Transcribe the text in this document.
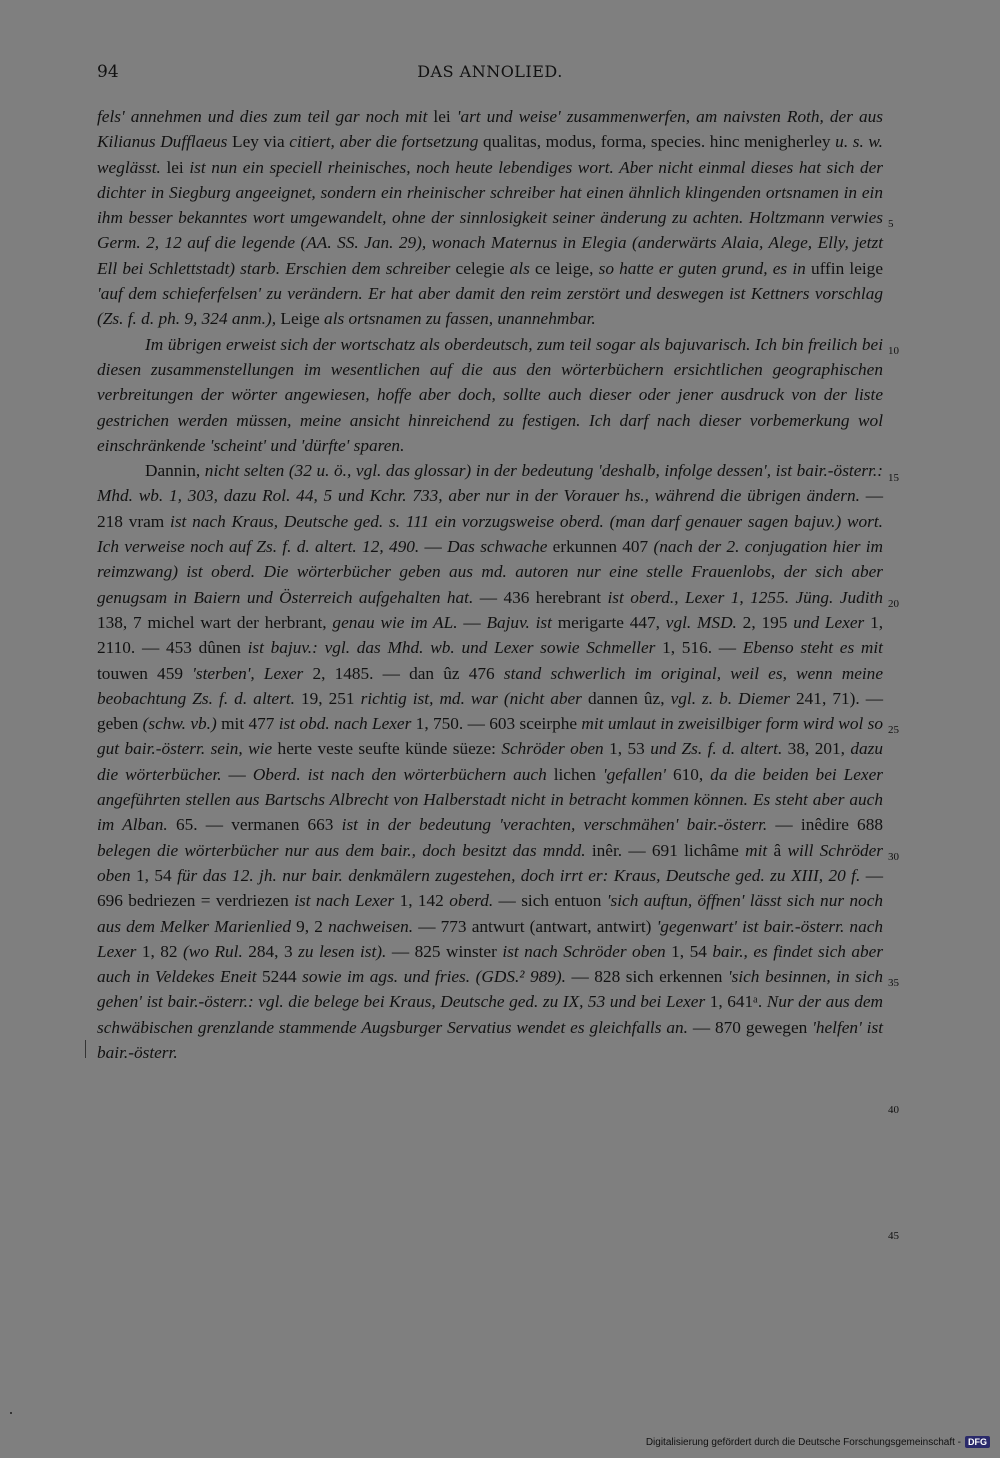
94	DAS ANNOLIED.

fels' annehmen und dies zum teil gar noch mit lei 'art und weise' zusammenwerfen, am naivsten Roth, der aus Kilianus Dufflaeus Ley via citiert, aber die fortsetzung qualitas, modus, forma, species. hinc menigherley u. s. w. weglässt. lei ist nun ein speciell rheinisches, noch heute lebendiges wort. Aber nicht einmal dieses hat sich der dichter in Siegburg angeeignet, sondern ein rheinischer schreiber hat einen ähnlich klingenden ortsnamen in ein ihm besser bekanntes wort umgewandelt, ohne der sinnlosigkeit seiner änderung zu achten. Holtzmann verwies Germ. 2, 12 auf die legende (AA. SS. Jan. 29), wonach Maternus in Elegia (anderwärts Alaia, Alege, Elly, jetzt Ell bei Schlettstadt) starb. Erschien dem schreiber celegie als ce leige, so hatte er guten grund, es in uffin leige 'auf dem schieferfelsen' zu verändern. Er hat aber damit den reim zerstört und deswegen ist Kettners vorschlag (Zs. f. d. ph. 9, 324 anm.), Leige als ortsnamen zu fassen, unannehmbar.

Im übrigen erweist sich der wortschatz als oberdeutsch, zum teil sogar als bajuvarisch. Ich bin freilich bei diesen zusammenstellungen im wesentlichen auf die aus den wörterbüchern ersichtlichen geographischen verbreitungen der wörter angewiesen, hoffe aber doch, sollte auch dieser oder jener ausdruck von der liste gestrichen werden müssen, meine ansicht hinreichend zu festigen. Ich darf nach dieser vorbemerkung wol einschränkende 'scheint' und 'dürfte' sparen.

Dannin, nicht selten (32 u. ö., vgl. das glossar) in der bedeutung 'deshalb, infolge dessen', ist bair.-österr.: Mhd. wb. 1, 303, dazu Rol. 44, 5 und Kchr. 733, aber nur in der Vorauer hs., während die übrigen ändern. — 218 vram ist nach Kraus, Deutsche ged. s. 111 ein vorzugsweise oberd. (man darf genauer sagen bajuv.) wort. Ich verweise noch auf Zs. f. d. altert. 12, 490. — Das schwache erkunnen 407 (nach der 2. conjugation hier im reimzwang) ist oberd. Die wörterbücher geben aus md. autoren nur eine stelle Frauenlobs, der sich aber genugsam in Baiern und Österreich aufgehalten hat. — 436 herebrant ist oberd., Lexer 1, 1255. Jüng. Judith 138, 7 michel wart der herbrant, genau wie im AL. — Bajuv. ist merigarte 447, vgl. MSD. 2, 195 und Lexer 1, 2110. — 453 dûnen ist bajuv.: vgl. das Mhd. wb. und Lexer sowie Schmeller 1, 516. — Ebenso steht es mit touwen 459 'sterben', Lexer 2, 1485. — dan ûz 476 stand schwerlich im original, weil es, wenn meine beobachtung Zs. f. d. altert. 19, 251 richtig ist, md. war (nicht aber dannen ûz, vgl. z. b. Diemer 241, 71). — geben (schw. vb.) mit 477 ist obd. nach Lexer 1, 750. — 603 sceirphe mit umlaut in zweisilbiger form wird wol so gut bair.-österr. sein, wie herte veste seufte künde süeze: Schröder oben 1, 53 und Zs. f. d. altert. 38, 201, dazu die wörterbücher. — Oberd. ist nach den wörterbüchern auch lichen 'gefallen' 610, da die beiden bei Lexer angeführten stellen aus Bartschs Albrecht von Halberstadt nicht in betracht kommen können. Es steht aber auch im Alban. 65. — vermanen 663 ist in der bedeutung 'verachten, verschmähen' bair.-österr. — inêdire 688 belegen die wörterbücher nur aus dem bair., doch besitzt das mndd. inêr. — 691 lichâme mit â will Schröder oben 1, 54 für das 12. jh. nur bair. denkmälern zugestehen, doch irrt er: Kraus, Deutsche ged. zu XIII, 20 f. — 696 bedriezen = verdriezen ist nach Lexer 1, 142 oberd. — sich entuon 'sich auftun, öffnen' lässt sich nur noch aus dem Melker Marienlied 9, 2 nachweisen. — 773 antwurt (antwart, antwirt) 'gegenwart' ist bair.-österr. nach Lexer 1, 82 (wo Rul. 284, 3 zu lesen ist). — 825 winster ist nach Schröder oben 1, 54 bair., es findet sich aber auch in Veldekes Eneit 5244 sowie im ags. und fries. (GDS.² 989). — 828 sich erkennen 'sich besinnen, in sich gehen' ist bair.-österr.: vgl. die belege bei Kraus, Deutsche ged. zu IX, 53 und bei Lexer 1, 641ᵃ. Nur der aus dem schwäbischen grenzlande stammende Augsburger Servatius wendet es gleichfalls an. — 870 gewegen 'helfen' ist bair.-österr.

5
10
15
20
25
30
35
40
45
Digitalisierung gefördert durch die Deutsche Forschungsgemeinschaft - DFG
